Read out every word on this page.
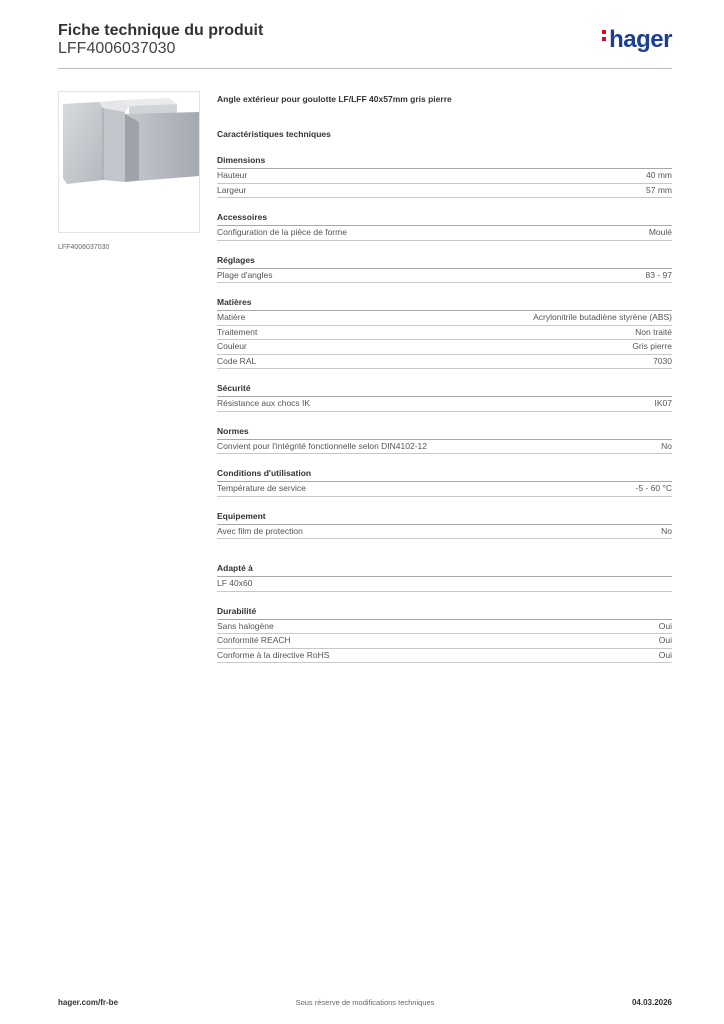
Fiche technique du produit
LFF4006037030	hager
LFF4006037030
Angle extérieur pour goulotte LF/LFF 40x57mm gris pierre
Caractéristiques techniques
Dimensions
Hauteur	40 mm
Largeur	57 mm
Accessoires
Configuration de la pièce de forme	Moulé
Réglages
Plage d'angles	83 - 97
Matières
Matière	Acrylonitrile butadiène styrène (ABS)
Traitement	Non traité
Couleur	Gris pierre
Code RAL	7030
Sécurité
Résistance aux chocs IK	IK07
Normes
Convient pour l'intégrité fonctionnelle selon DIN4102-12	No
Conditions d'utilisation
Température de service	-5 - 60 °C
Equipement
Avec film de protection	No
Adapté à
LF 40x60
Durabilité
Sans halogène	Oui
Conformité REACH	Oui
Conforme à la directive RoHS	Oui
hager.com/fr-be	Sous réserve de modifications techniques	04.03.2026
